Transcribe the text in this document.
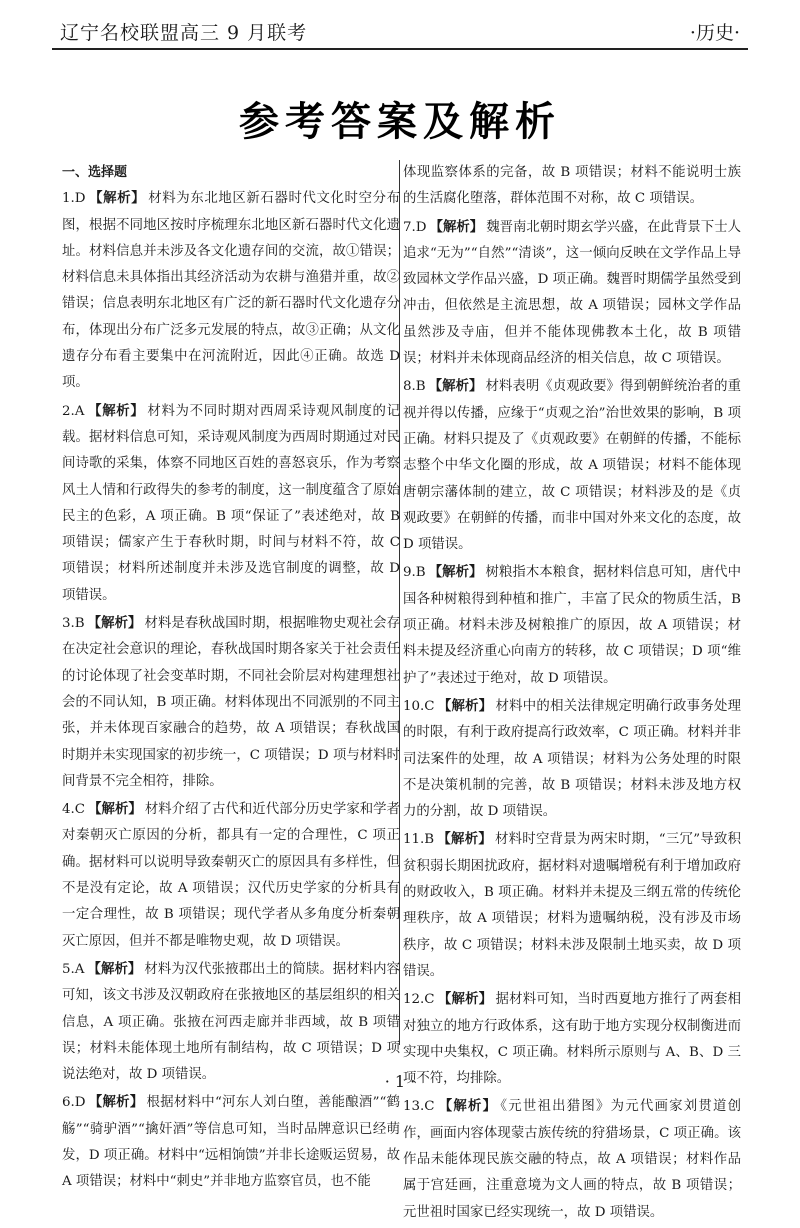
辽宁名校联盟高三 9 月联考	·历史·
参考答案及解析
一、选择题
1.D 【解析】 材料为东北地区新石器时代文化时空分布图，根据不同地区按时序梳理东北地区新石器时代文化遗址。材料信息并未涉及各文化遗存间的交流，故①错误；材料信息未具体指出其经济活动为农耕与渔猎并重，故②错误；信息表明东北地区有广泛的新石器时代文化遗存分布，体现出分布广泛多元发展的特点，故③正确；从文化遗存分布看主要集中在河流附近，因此④正确。故选 D 项。
2.A 【解析】 材料为不同时期对西周采诗观风制度的记载。据材料信息可知，采诗观风制度为西周时期通过对民间诗歌的采集，体察不同地区百姓的喜怒哀乐，作为考察风土人情和行政得失的参考的制度，这一制度蕴含了原始民主的色彩，A 项正确。B 项“保证了”表述绝对，故 B 项错误；儒家产生于春秋时期，时间与材料不符，故 C 项错误；材料所述制度并未涉及选官制度的调整，故 D 项错误。
3.B 【解析】 材料是春秋战国时期，根据唯物史观社会存在决定社会意识的理论，春秋战国时期各家关于社会责任的讨论体现了社会变革时期，不同社会阶层对构建理想社会的不同认知，B 项正确。材料体现出不同派别的不同主张，并未体现百家融合的趋势，故 A 项错误；春秋战国时期并未实现国家的初步统一，C 项错误；D 项与材料时间背景不完全相符，排除。
4.C 【解析】 材料介绍了古代和近代部分历史学家和学者对秦朝灭亡原因的分析，都具有一定的合理性，C 项正确。据材料可以说明导致秦朝灭亡的原因具有多样性，但不是没有定论，故 A 项错误；汉代历史学家的分析具有一定合理性，故 B 项错误；现代学者从多角度分析秦朝灭亡原因，但并不都是唯物史观，故 D 项错误。
5.A 【解析】 材料为汉代张掖郡出土的简牍。据材料内容可知，该文书涉及汉朝政府在张掖地区的基层组织的相关信息，A 项正确。张掖在河西走廊并非西域，故 B 项错误；材料未能体现土地所有制结构，故 C 项错误；D 项说法绝对，故 D 项错误。
6.D 【解析】 根据材料中“河东人刘白堕，善能酿酒”“鹤觞”“骑驴酒”“擒奸酒”等信息可知，当时品牌意识已经萌发，D 项正确。材料中“远相饷馈”并非长途贩运贸易，故 A 项错误；材料中“刺史”并非地方监察官员，也不能
体现监察体系的完备，故 B 项错误；材料不能说明士族的生活腐化堕落，群体范围不对称，故 C 项错误。
7.D 【解析】 魏晋南北朝时期玄学兴盛，在此背景下士人追求“无为”“自然”“清谈”，这一倾向反映在文学作品上导致园林文学作品兴盛，D 项正确。魏晋时期儒学虽然受到冲击，但依然是主流思想，故 A 项错误；园林文学作品虽然涉及寺庙，但并不能体现佛教本土化，故 B 项错误；材料并未体现商品经济的相关信息，故 C 项错误。
8.B 【解析】 材料表明《贞观政要》得到朝鲜统治者的重视并得以传播，应缘于“贞观之治”治世效果的影响，B 项正确。材料只提及了《贞观政要》在朝鲜的传播，不能标志整个中华文化圈的形成，故 A 项错误；材料不能体现唐朝宗藩体制的建立，故 C 项错误；材料涉及的是《贞观政要》在朝鲜的传播，而非中国对外来文化的态度，故 D 项错误。
9.B 【解析】 树粮指木本粮食，据材料信息可知，唐代中国各种树粮得到种植和推广，丰富了民众的物质生活，B 项正确。材料未涉及树粮推广的原因，故 A 项错误；材料未提及经济重心向南方的转移，故 C 项错误；D 项“维护了”表述过于绝对，故 D 项错误。
10.C 【解析】 材料中的相关法律规定明确行政事务处理的时限，有利于政府提高行政效率，C 项正确。材料并非司法案件的处理，故 A 项错误；材料为公务处理的时限不是决策机制的完善，故 B 项错误；材料未涉及地方权力的分割，故 D 项错误。
11.B 【解析】 材料时空背景为两宋时期，“三冗”导致积贫积弱长期困扰政府，据材料对遗嘱增税有利于增加政府的财政收入，B 项正确。材料并未提及三纲五常的传统伦理秩序，故 A 项错误；材料为遗嘱纳税，没有涉及市场秩序，故 C 项错误；材料未涉及限制土地买卖，故 D 项错误。
12.C 【解析】 据材料可知，当时西夏地方推行了两套相对独立的地方行政体系，这有助于地方实现分权制衡进而实现中央集权，C 项正确。材料所示原则与 A、B、D 三项不符，均排除。
13.C 【解析】 《元世祖出猎图》为元代画家刘贯道创作，画面内容体现蒙古族传统的狩猎场景，C 项正确。该作品未能体现民族交融的特点，故 A 项错误；材料作品属于宫廷画，注重意境为文人画的特点，故 B 项错误；元世祖时国家已经实现统一，故 D 项错误。
· 1 ·
